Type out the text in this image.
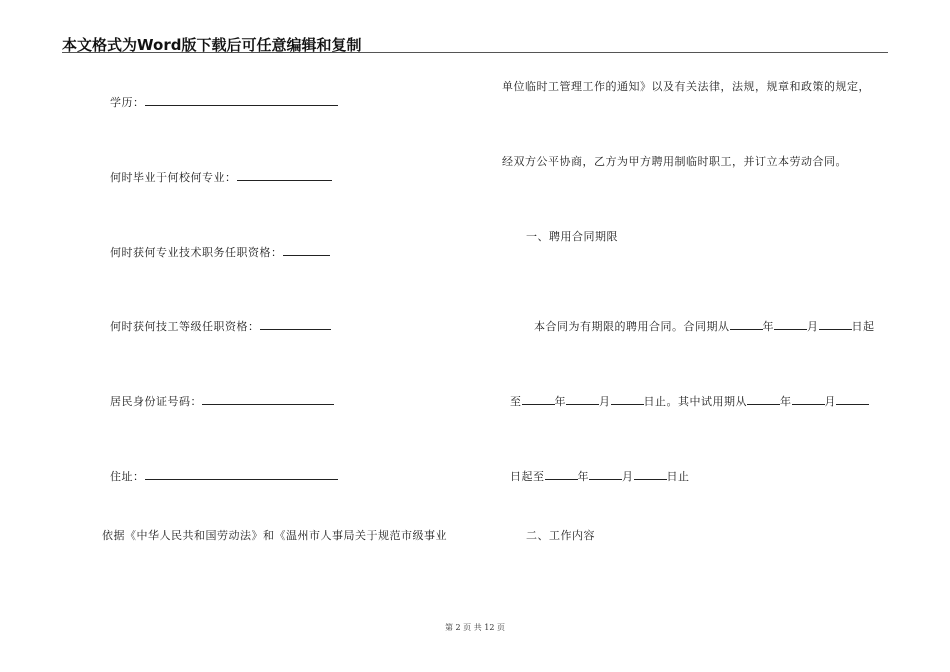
本文格式为Word版下载后可任意编辑和复制

学历：

何时毕业于何校何专业：

何时获何专业技术职务任职资格：

何时获何技工等级任职资格：

居民身份证号码：

住址：

依据《中华人民共和国劳动法》和《温州市人事局关于规范市级事业
单位临时工管理工作的通知》以及有关法律，法规，规章和政策的规定，
经双方公平协商，乙方为甲方聘用制临时职工，并订立本劳动合同。
一、聘用合同期限

本合同为有期限的聘用合同。合同期从	年	月	日起

至	年	月	日止。其中试用期从	年	月

日起至	年	月	日止

二、工作内容
第 2 页 共 12 页
